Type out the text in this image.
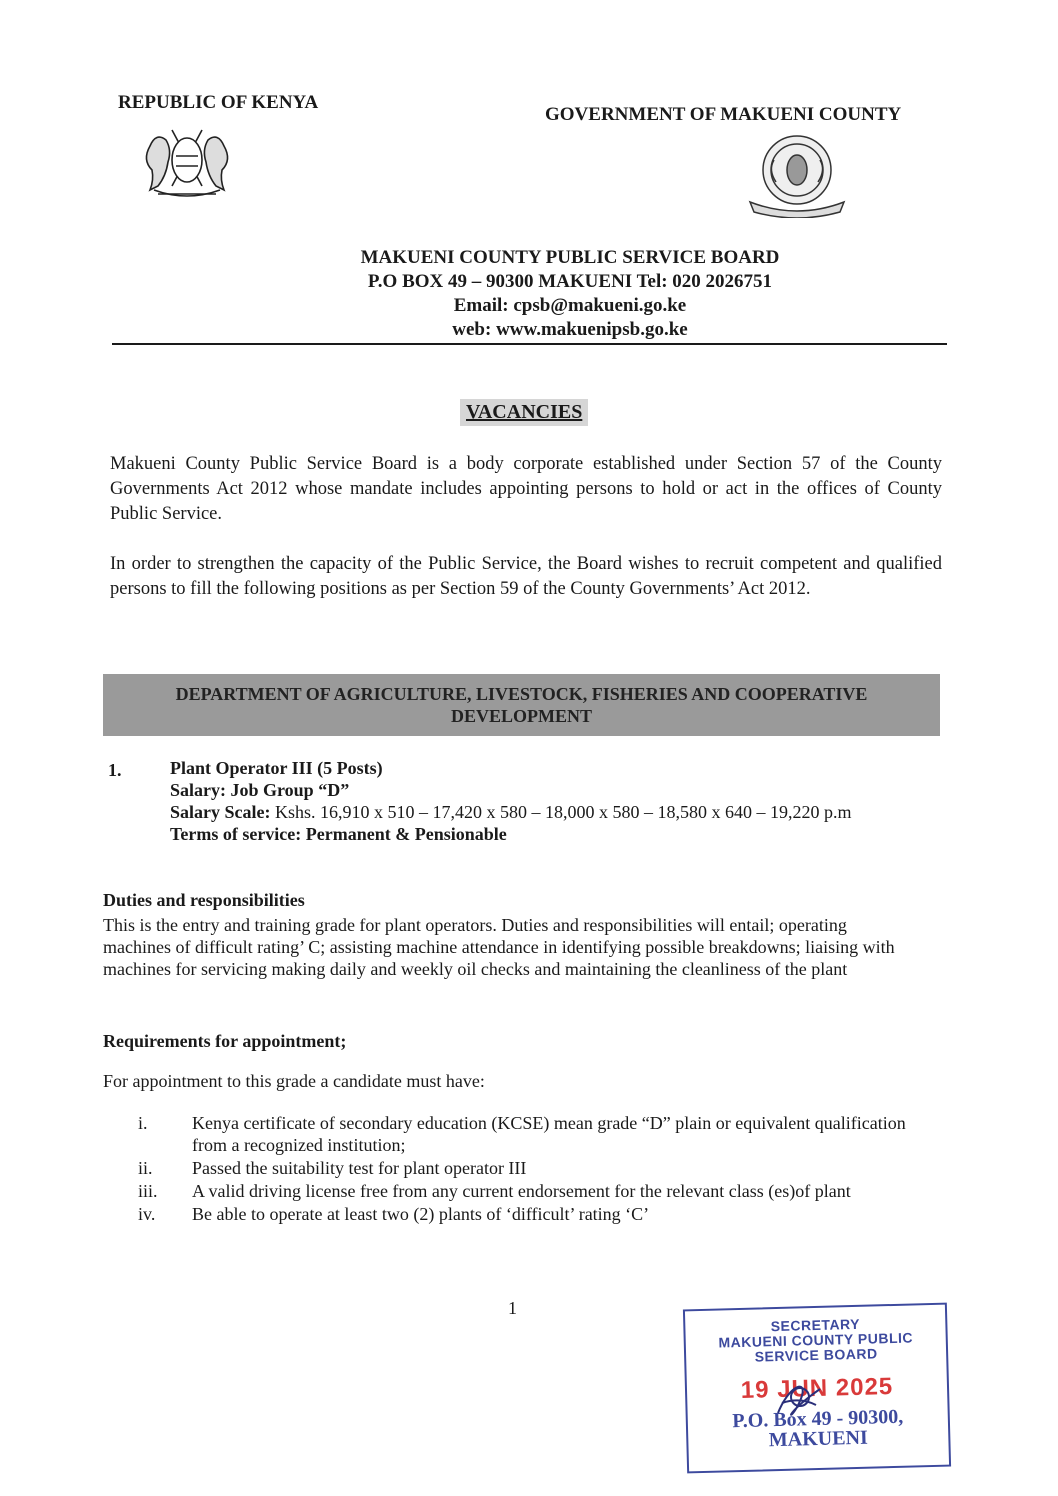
REPUBLIC OF KENYA
GOVERNMENT OF MAKUENI COUNTY
MAKUENI COUNTY PUBLIC SERVICE BOARD
P.O BOX 49 – 90300 MAKUENI Tel: 020 2026751
Email: cpsb@makueni.go.ke
web: www.makuenipsb.go.ke
VACANCIES
Makueni County Public Service Board is a body corporate established under Section 57 of the County Governments Act 2012 whose mandate includes appointing persons to hold or act in the offices of County Public Service.
In order to strengthen the capacity of the Public Service, the Board wishes to recruit competent and qualified persons to fill the following positions as per Section 59 of the County Governments’ Act 2012.
DEPARTMENT OF AGRICULTURE, LIVESTOCK, FISHERIES AND COOPERATIVE
DEVELOPMENT
1.	Plant Operator III (5 Posts)
Salary: Job Group “D”
Salary Scale: Kshs. 16,910 x 510 – 17,420 x 580 – 18,000 x 580 – 18,580 x 640 – 19,220 p.m
Terms of service: Permanent & Pensionable
Duties and responsibilities
This is the entry and training grade for plant operators. Duties and responsibilities will entail; operating machines of difficult rating’ C; assisting machine attendance in identifying possible breakdowns; liaising with machines for servicing making daily and weekly oil checks and maintaining the cleanliness of the plant
Requirements for appointment;
For appointment to this grade a candidate must have:
i.	Kenya certificate of secondary education (KCSE) mean grade “D” plain or equivalent qualification from a recognized institution;
ii.	Passed the suitability test for plant operator III
iii.	A valid driving license free from any current endorsement for the relevant class (es)of plant
iv.	Be able to operate at least two (2) plants of ‘difficult’ rating ‘C’
1
SECRETARY
MAKUENI COUNTY PUBLIC
SERVICE BOARD
19 JUN 2025
P.O. Box 49 - 90300,
MAKUENI
